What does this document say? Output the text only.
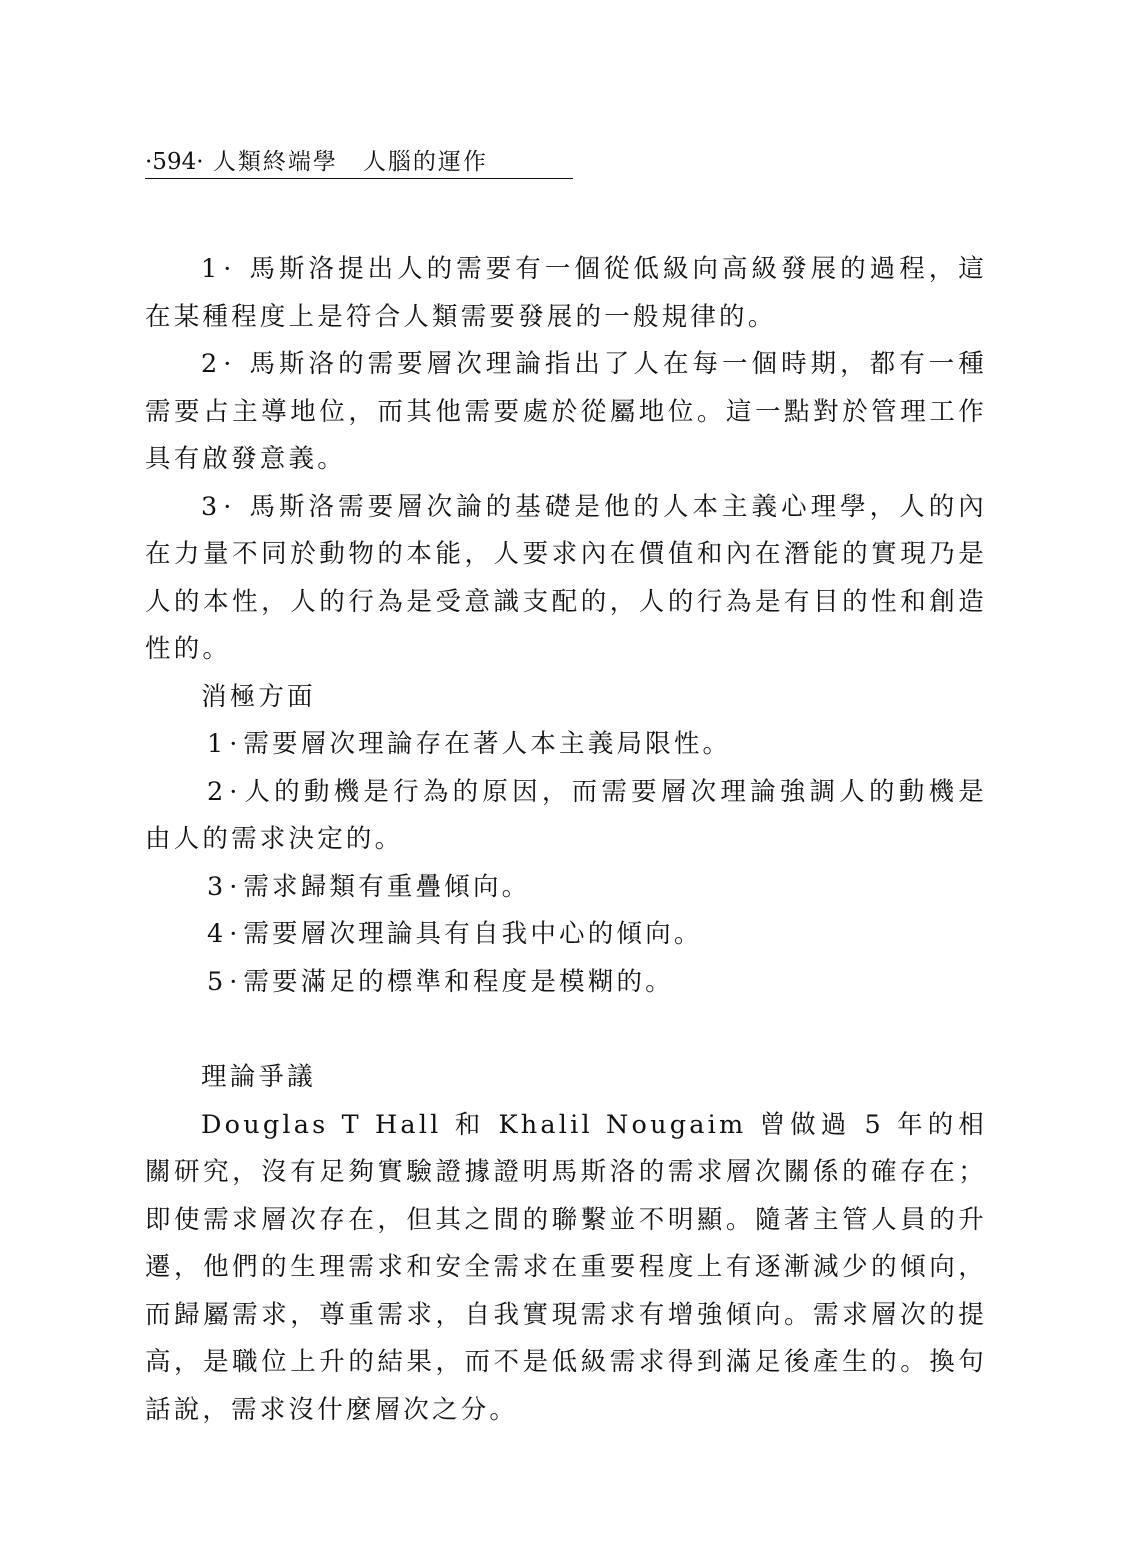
·594· 人類終端學　人腦的運作

1· 馬斯洛提出人的需要有一個從低級向高級發展的過程，這在某種程度上是符合人類需要發展的一般規律的。

2· 馬斯洛的需要層次理論指出了人在每一個時期，都有一種需要占主導地位，而其他需要處於從屬地位。這一點對於管理工作具有啟發意義。

3· 馬斯洛需要層次論的基礎是他的人本主義心理學，人的內在力量不同於動物的本能，人要求內在價值和內在潛能的實現乃是人的本性，人的行為是受意識支配的，人的行為是有目的性和創造性的。

消極方面

1·需要層次理論存在著人本主義局限性。

2·人的動機是行為的原因，而需要層次理論強調人的動機是由人的需求決定的。

3·需求歸類有重疊傾向。

4·需要層次理論具有自我中心的傾向。

5·需要滿足的標準和程度是模糊的。

理論爭議

Douglas T Hall 和 Khalil Nougaim 曾做過 5 年的相關研究，沒有足夠實驗證據證明馬斯洛的需求層次關係的確存在；即使需求層次存在，但其之間的聯繫並不明顯。隨著主管人員的升遷，他們的生理需求和安全需求在重要程度上有逐漸減少的傾向，而歸屬需求，尊重需求，自我實現需求有增強傾向。需求層次的提高，是職位上升的結果，而不是低級需求得到滿足後產生的。換句話說，需求沒什麼層次之分。
